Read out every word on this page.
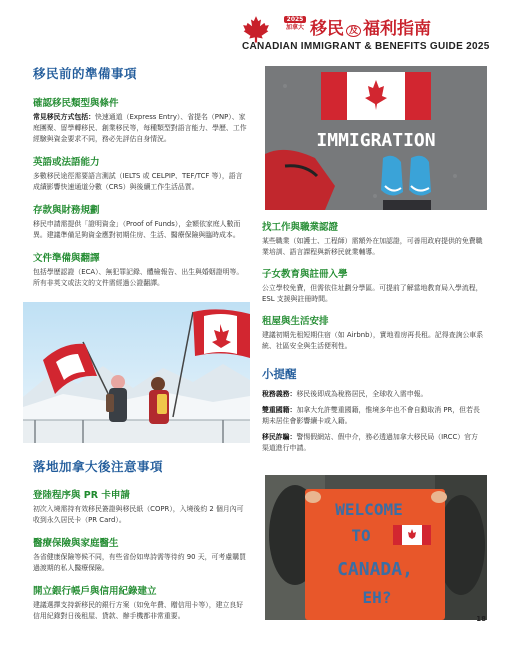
2025
加拿大 移民 及 福利指南
CANADIAN IMMIGRANT & BENEFITS GUIDE 2025
移民前的準備事項
確認移民類型與條件
常見移民方式包括：快速通道（Express Entry）、省提名（PNP）、家庭團聚、留學轉移民、創業移民等，每種類型對語言能力、學歷、工作經驗與資金要求不同，務必先評估自身情況。
英語或法語能力
多數移民途徑需要語言測試（IELTS 或 CELPIP、TEF/TCF 等），語言成績影響快速通道分數（CRS）與後續工作生活品質。
存款與財務規劃
移民申請需提供「證明資金」（Proof of Funds），金額依家庭人數而異。建議準備足夠資金應對初期住房、生活、醫療保險與臨時成本。
文件準備與翻譯
包括學歷認證（ECA）、無犯罪記錄、體檢報告、出生與婚姻證明等。所有非英文或法文的文件需經過公證翻譯。
落地加拿大後注意事項
登陸程序與 PR 卡申請
初次入境需持有效移民簽證與移民紙（COPR），入境後約 2 個月內可收到永久居民卡（PR Card）。
醫療保險與家庭醫生
各省健康保險等候不同，有些省份如卑詩需等待約 90 天，可考慮購買過渡期的私人醫療保險。
開立銀行帳戶與信用紀錄建立
建議選擇支持新移民的銀行方案（如免年費、贈信用卡等），建立良好信用紀錄對日後租屋、貸款、辦手機都非常重要。
IMMIGRATION
找工作與職業認證
某些職業（如護士、工程師）需額外在加認證，可善用政府提供的免費職業培訓、語言課程與新移民就業輔導。
子女教育與註冊入學
公立學校免費，但需依住址劃分學區。可提前了解當地教育局入學流程，ESL 支援與註冊時間。
租屋與生活安排
建議初期先租短期住宿（如 Airbnb），實地看房再長租。記得查詢公車系統、社區安全與生活便利性。
小提醒
稅務義務：移民後即成為稅務居民，全球收入需申報。
雙重國籍：加拿大允許雙重國籍，惟境多年也不會自動取消 PR，但若長期未居住會影響續卡或入籍。
移民詐騙：警惕假網站、假中介，務必透過加拿大移民局（IRCC）官方渠道進行申請。
WELCOME
TO
CANADA,
EH?
18
